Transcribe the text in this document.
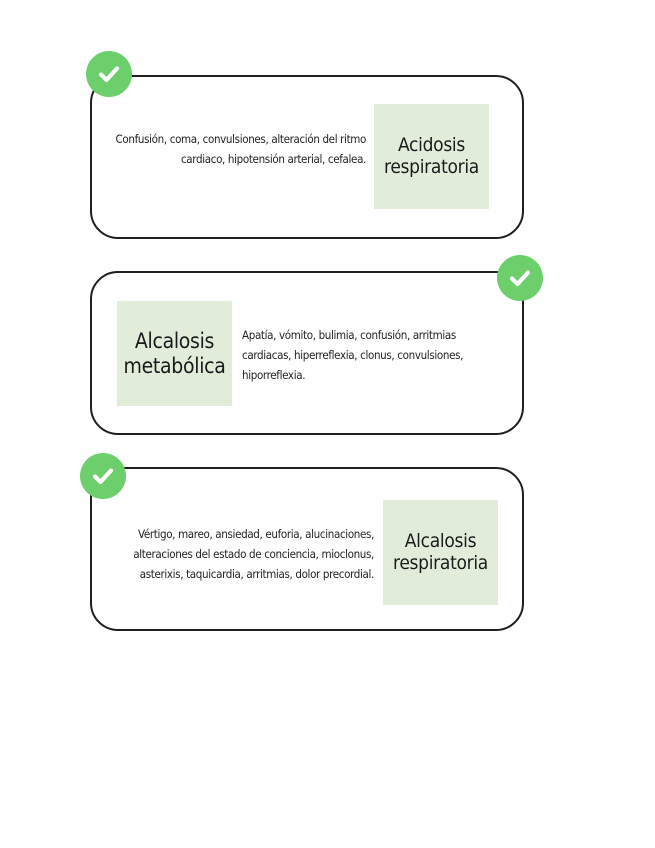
Confusión, coma, convulsiones, alteración del ritmo cardiaco, hipotensión arterial, cefalea.
Acidosis respiratoria
Alcalosis metabólica
Apatía, vómito, bulimia, confusión, arritmias cardiacas, hiperreflexia, clonus, convulsiones, hiporreflexia.
Vértigo, mareo, ansiedad, euforia, alucinaciones, alteraciones del estado de conciencia, mioclonus, asterixis, taquicardia, arritmias, dolor precordial.
Alcalosis respiratoria
